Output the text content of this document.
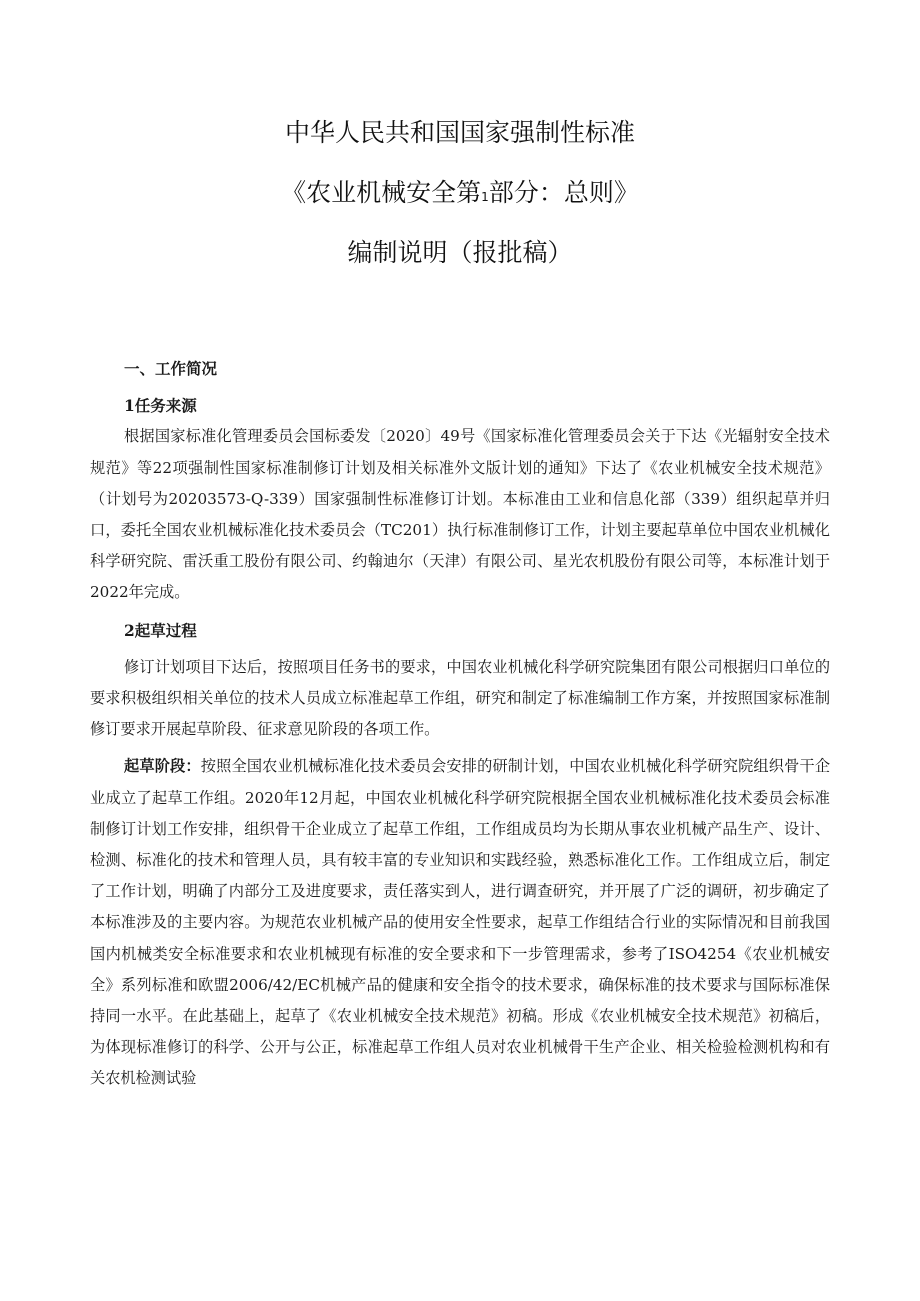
中华人民共和国国家强制性标准
《农业机械安全第1部分：总则》
编制说明（报批稿）

一、工作简况

1任务来源

根据国家标准化管理委员会国标委发〔2020〕49号《国家标准化管理委员会关于下达《光辐射安全技术规范》等22项强制性国家标准制修订计划及相关标准外文版计划的通知》下达了《农业机械安全技术规范》（计划号为20203573-Q-339）国家强制性标准修订计划。本标准由工业和信息化部（339）组织起草并归口，委托全国农业机械标准化技术委员会（TC201）执行标准制修订工作，计划主要起草单位中国农业机械化科学研究院、雷沃重工股份有限公司、约翰迪尔（天津）有限公司、星光农机股份有限公司等，本标准计划于2022年完成。

2起草过程

修订计划项目下达后，按照项目任务书的要求，中国农业机械化科学研究院集团有限公司根据归口单位的要求积极组织相关单位的技术人员成立标准起草工作组，研究和制定了标准编制工作方案，并按照国家标准制修订要求开展起草阶段、征求意见阶段的各项工作。

起草阶段：按照全国农业机械标准化技术委员会安排的研制计划，中国农业机械化科学研究院组织骨干企业成立了起草工作组。2020年12月起，中国农业机械化科学研究院根据全国农业机械标准化技术委员会标准制修订计划工作安排，组织骨干企业成立了起草工作组，工作组成员均为长期从事农业机械产品生产、设计、检测、标准化的技术和管理人员，具有较丰富的专业知识和实践经验，熟悉标准化工作。工作组成立后，制定了工作计划，明确了内部分工及进度要求，责任落实到人，进行调查研究，并开展了广泛的调研，初步确定了本标准涉及的主要内容。为规范农业机械产品的使用安全性要求，起草工作组结合行业的实际情况和目前我国国内机械类安全标准要求和农业机械现有标准的安全要求和下一步管理需求，参考了ISO4254《农业机械安全》系列标准和欧盟2006/42/EC机械产品的健康和安全指令的技术要求，确保标准的技术要求与国际标准保持同一水平。在此基础上，起草了《农业机械安全技术规范》初稿。形成《农业机械安全技术规范》初稿后，为体现标准修订的科学、公开与公正，标准起草工作组人员对农业机械骨干生产企业、相关检验检测机构和有关农机检测试验
